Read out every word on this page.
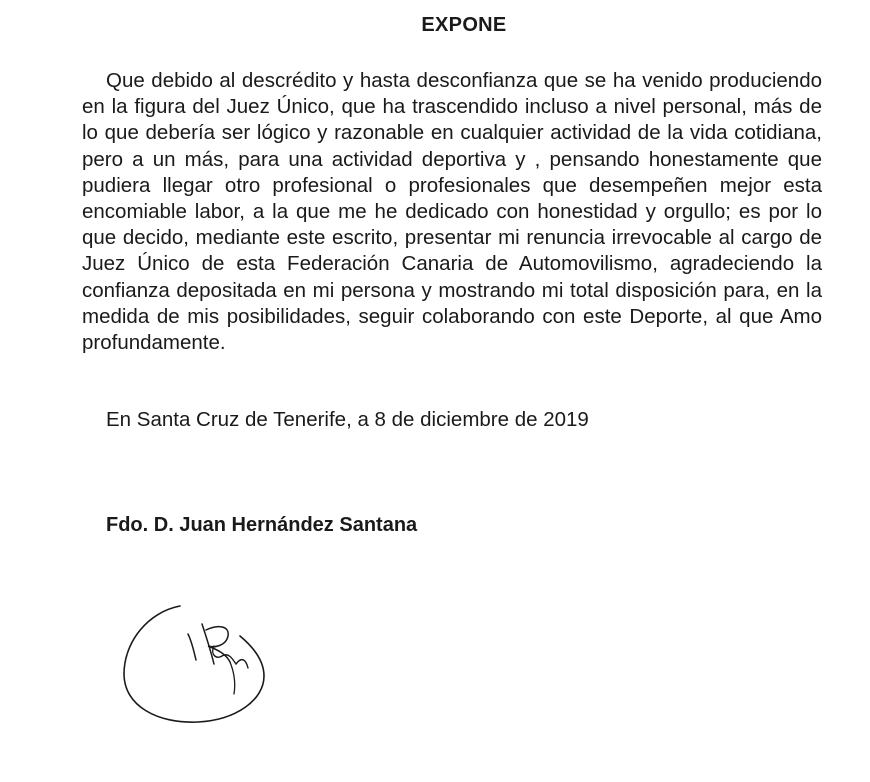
EXPONE

Que debido al descrédito y hasta desconfianza que se ha venido produciendo en la figura del Juez Único, que ha trascendido incluso a nivel personal, más de lo que debería ser lógico y razonable en cualquier actividad de la vida cotidiana, pero a un más, para una actividad deportiva y , pensando honestamente que pudiera llegar otro profesional o profesionales que desempeñen mejor esta encomiable labor, a la que me he dedicado con honestidad y orgullo; es por lo que decido, mediante este escrito, presentar mi renuncia irrevocable al cargo de Juez Único de esta Federación Canaria de Automovilismo, agradeciendo la confianza depositada en mi persona y mostrando mi total disposición para, en la medida de mis posibilidades, seguir colaborando con este Deporte, al que Amo profundamente.

En Santa Cruz de Tenerife, a 8 de diciembre de 2019

Fdo. D. Juan Hernández Santana
